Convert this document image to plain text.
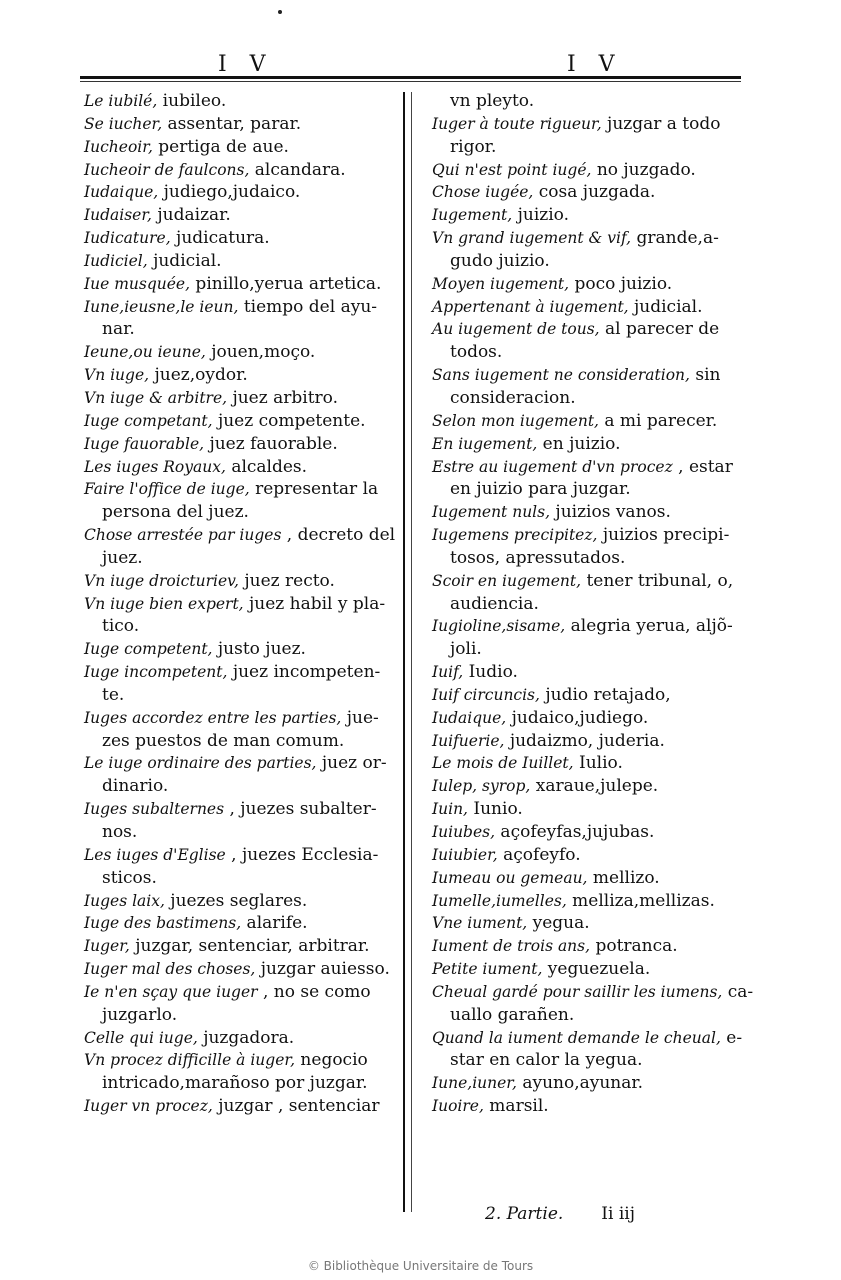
I V	I V
Le iubilé, iubileo.
Se iucher, assentar, parar.
Iucheoir, pertiga de aue.
Iucheoir de faulcons, alcandara.
Iudaique, judiego,judaico.
Iudaiser, judaizar.
Iudicature, judicatura.
Iudiciel, judicial.
Iue musquée, pinillo,yerua artetica.
Iune,ieusne,le ieun, tiempo del ayu-
nar.
Ieune,ou ieune, jouen,moço.
Vn iuge, juez,oydor.
Vn iuge & arbitre, juez arbitro.
Iuge competant, juez competente.
Iuge fauorable, juez fauorable.
Les iuges Royaux, alcaldes.
Faire l'office de iuge, representar la
persona del juez.
Chose arrestée par iuges , decreto del
juez.
Vn iuge droicturiev, juez recto.
Vn iuge bien expert, juez habil y pla-
tico.
Iuge competent, justo juez.
Iuge incompetent, juez incompeten-
te.
Iuges accordez entre les parties, jue-
zes puestos de man comum.
Le iuge ordinaire des parties, juez or-
dinario.
Iuges subalternes , juezes subalter-
nos.
Les iuges d'Eglise , juezes Ecclesia-
sticos.
Iuges laix, juezes seglares.
Iuge des bastimens, alarife.
Iuger, juzgar, sentenciar, arbitrar.
Iuger mal des choses, juzgar auiesso.
Ie n'en sçay que iuger , no se como
juzgarlo.
Celle qui iuge, juzgadora.
Vn procez difficille à iuger, negocio
intricado,marañoso por juzgar.
Iuger vn procez, juzgar , sentenciar
vn pleyto.
Iuger à toute rigueur, juzgar a todo
rigor.
Qui n'est point iugé, no juzgado.
Chose iugée, cosa juzgada.
Iugement, juizio.
Vn grand iugement & vif, grande,a-
gudo juizio.
Moyen iugement, poco juizio.
Appertenant à iugement, judicial.
Au iugement de tous, al parecer de
todos.
Sans iugement ne consideration, sin
consideracion.
Selon mon iugement, a mi parecer.
En iugement, en juizio.
Estre au iugement d'vn procez , estar
en juizio para juzgar.
Iugement nuls, juizios vanos.
Iugemens precipitez, juizios precipi-
tosos, apressutados.
Scoir en iugement, tener tribunal, o,
audiencia.
Iugioline,sisame, alegria yerua, aljõ-
joli.
Iuif, Iudio.
Iuif circuncis, judio retajado,
Iudaique, judaico,judiego.
Iuifuerie, judaizmo, juderia.
Le mois de Iuillet, Iulio.
Iulep, syrop, xaraue,julepe.
Iuin, Iunio.
Iuiubes, açofeyfas,jujubas.
Iuiubier, açofeyfo.
Iumeau ou gemeau, mellizo.
Iumelle,iumelles, melliza,mellizas.
Vne iument, yegua.
Iument de trois ans, potranca.
Petite iument, yeguezuela.
Cheual gardé pour saillir les iumens, ca-
uallo garañen.
Quand la iument demande le cheual, e-
star en calor la yegua.
Iune,iuner, ayuno,ayunar.
Iuoire, marsil.
2. Partie. Ii iij
© Bibliothèque Universitaire de Tours
